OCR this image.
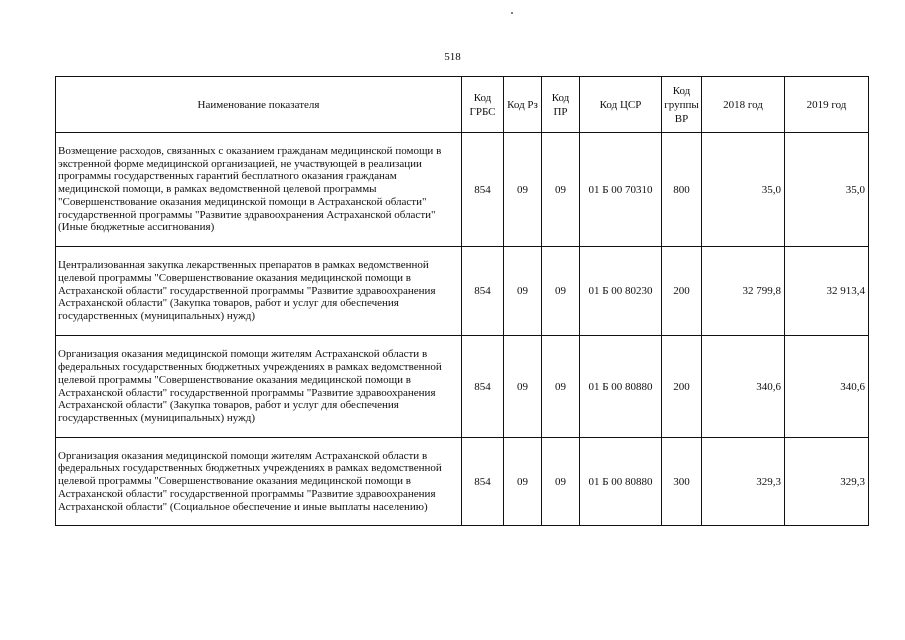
518
Наименование показателя	Код ГРБС	Код Рз	Код ПР	Код ЦСР	Код группы ВР	2018 год	2019 год
Возмещение расходов, связанных с оказанием гражданам медицинской помощи в экстренной форме медицинской организацией, не участвующей в реализации программы государственных гарантий бесплатного оказания гражданам медицинской помощи, в рамках ведомственной целевой программы "Совершенствование оказания медицинской помощи в Астраханской области" государственной программы "Развитие здравоохранения Астраханской области" (Иные бюджетные ассигнования)	854	09	09	01 Б 00 70310	800	35,0	35,0
Централизованная закупка лекарственных препаратов в рамках ведомственной целевой программы "Совершенствование оказания медицинской помощи в Астраханской области" государственной программы "Развитие здравоохранения Астраханской области" (Закупка товаров, работ и услуг для обеспечения государственных (муниципальных) нужд)	854	09	09	01 Б 00 80230	200	32 799,8	32 913,4
Организация оказания медицинской помощи жителям Астраханской области в федеральных государственных бюджетных учреждениях в рамках ведомственной целевой программы "Совершенствование оказания медицинской помощи в Астраханской области" государственной программы "Развитие здравоохранения Астраханской области" (Закупка товаров, работ и услуг для обеспечения государственных (муниципальных) нужд)	854	09	09	01 Б 00 80880	200	340,6	340,6
Организация оказания медицинской помощи жителям Астраханской области в федеральных государственных бюджетных учреждениях в рамках ведомственной целевой программы "Совершенствование оказания медицинской помощи в Астраханской области" государственной программы "Развитие здравоохранения Астраханской области" (Социальное обеспечение и иные выплаты населению)	854	09	09	01 Б 00 80880	300	329,3	329,3
